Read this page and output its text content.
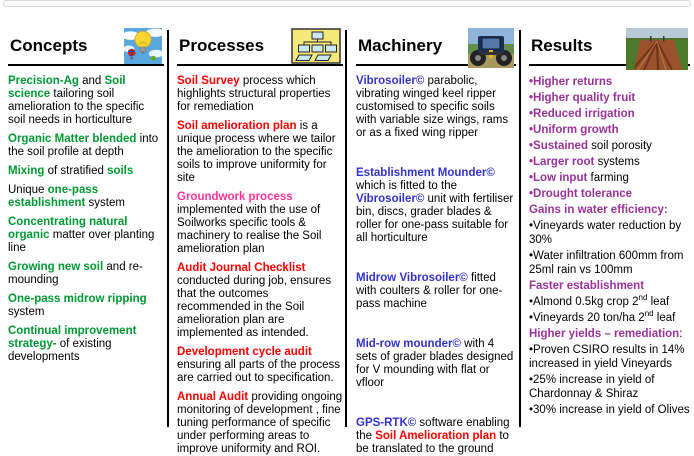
Concepts
Precision-Ag and Soil science tailoring soil amelioration to the specific soil needs in horticulture
Organic Matter blended into the soil profile at depth
Mixing of stratified soils
Unique one-pass establishment system
Concentrating natural organic matter over planting line
Growing new soil and re-mounding
One-pass midrow ripping system
Continual improvement strategy- of existing developments
Processes
Soil Survey process which highlights structural properties for remediation
Soil amelioration plan is a unique process where we tailor the amelioration to the specific soils to improve uniformity for site
Groundwork process implemented with the use of Soilworks specific tools & machinery to realise the Soil amelioration plan
Audit Journal Checklist conducted during job, ensures that the outcomes recommended in the Soil amelioration plan are implemented as intended.
Development cycle audit ensuring all parts of the process are carried out to specification.
Annual Audit providing ongoing monitoring of development , fine tuning performance of specific under performing areas to improve uniformity and ROI.
Machinery
Vibrosoiler© parabolic, vibrating winged keel ripper customised to specific soils with variable size wings, rams or as a fixed wing ripper
Establishment Mounder© which is fitted to the Vibrosoiler© unit with fertiliser bin, discs, grader blades & roller for one-pass suitable for all horticulture
Midrow Vibrosoiler© fitted with coulters & roller for one-pass machine
Mid-row mounder© with 4 sets of grader blades designed for V mounding with flat or vfloor
GPS-RTK© software enabling the Soil Amelioration plan to be translated to the ground
Results
•Higher returns
•Higher quality fruit
•Reduced irrigation
•Uniform growth
•Sustained soil porosity
•Larger root systems
•Low input farming
•Drought tolerance
Gains in water efficiency:
•Vineyards water reduction by 30%
•Water infiltration 600mm from 25ml rain vs 100mm
Faster establishment
•Almond 0.5kg crop 2nd leaf
•Vineyards 20 ton/ha 2nd leaf
Higher yields – remediation:
•Proven CSIRO results in 14% increased in yield Vineyards
•25% increase in yield of Chardonnay & Shiraz
•30% increase in yield of Olives
